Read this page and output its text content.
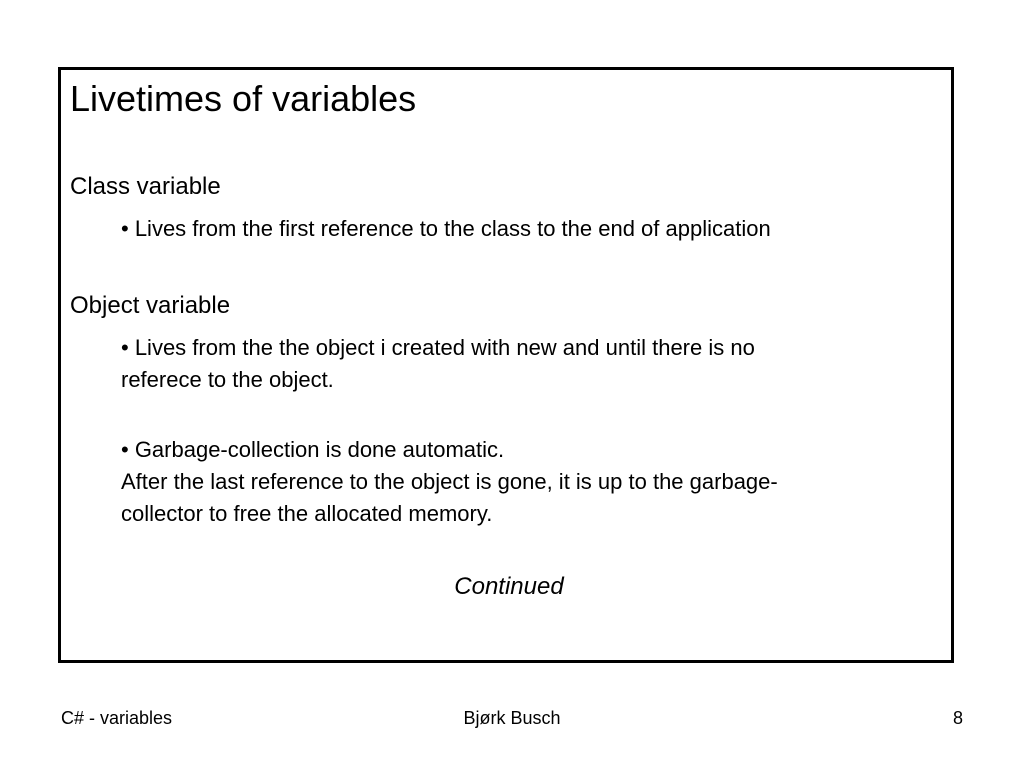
Livetimes of variables
Class variable
• Lives from the first reference to the class to the end of application
Object variable
• Lives from the the object i created with new and until there is no
referece to the object.
• Garbage-collection is done automatic.
After the last reference to the object is gone, it is up to the garbage-
collector to free the allocated memory.
Continued
C# - variables	Bjørk Busch	8
